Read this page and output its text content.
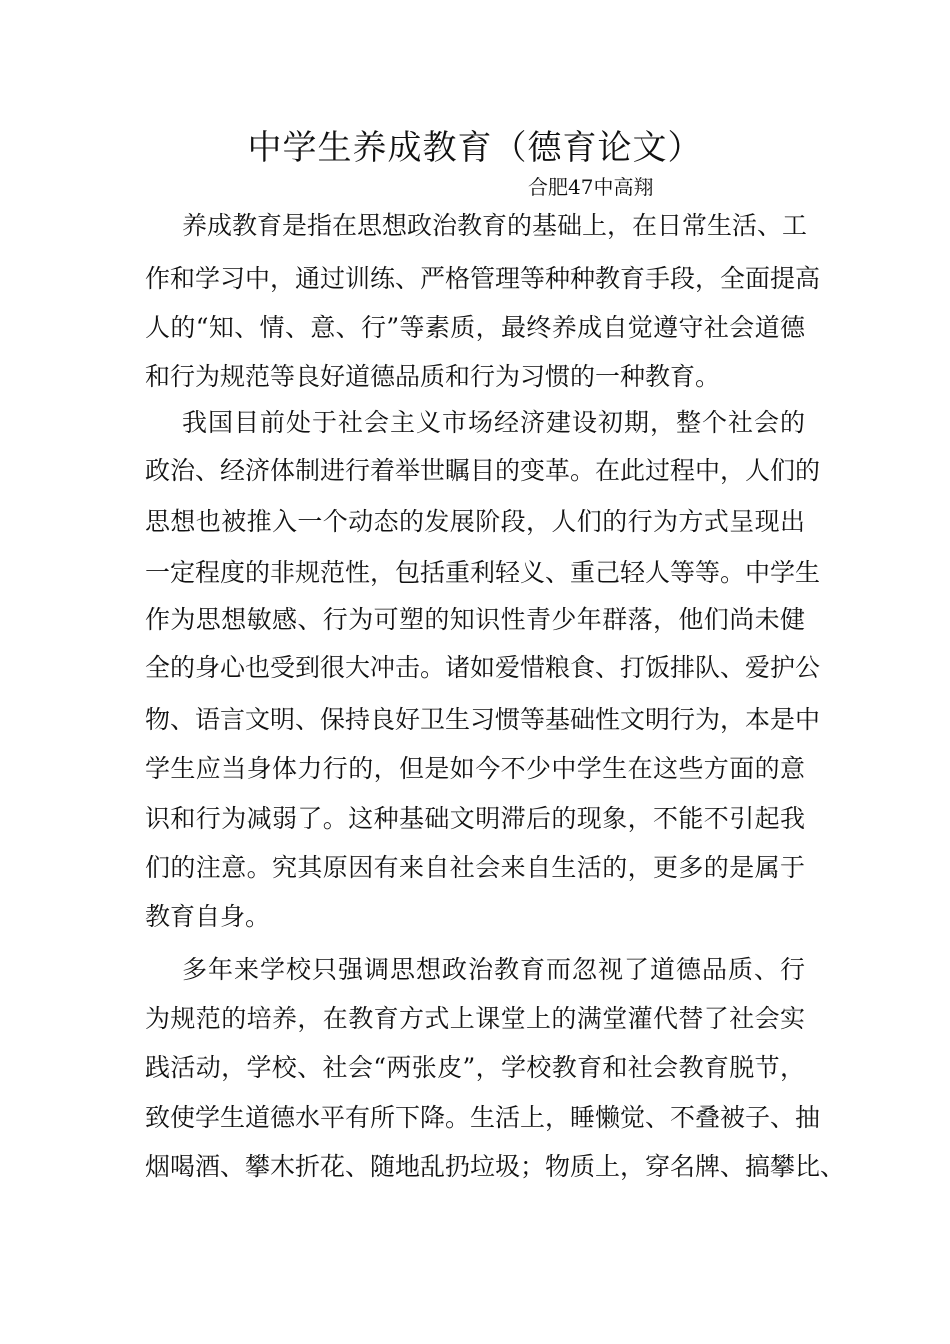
中学生养成教育（德育论文）
合肥47中高翔
养成教育是指在思想政治教育的基础上，在日常生活、工
作和学习中，通过训练、严格管理等种种教育手段，全面提高
人的“知、情、意、行”等素质，最终养成自觉遵守社会道德
和行为规范等良好道德品质和行为习惯的一种教育。
我国目前处于社会主义市场经济建设初期，整个社会的
政治、经济体制进行着举世瞩目的变革。在此过程中，人们的
思想也被推入一个动态的发展阶段，人们的行为方式呈现出
一定程度的非规范性，包括重利轻义、重己轻人等等。中学生
作为思想敏感、行为可塑的知识性青少年群落，他们尚未健
全的身心也受到很大冲击。诸如爱惜粮食、打饭排队、爱护公
物、语言文明、保持良好卫生习惯等基础性文明行为，本是中
学生应当身体力行的，但是如今不少中学生在这些方面的意
识和行为减弱了。这种基础文明滞后的现象，不能不引起我
们的注意。究其原因有来自社会来自生活的，更多的是属于
教育自身。
多年来学校只强调思想政治教育而忽视了道德品质、行
为规范的培养，在教育方式上课堂上的满堂灌代替了社会实
践活动，学校、社会“两张皮”，学校教育和社会教育脱节，
致使学生道德水平有所下降。生活上，睡懒觉、不叠被子、抽
烟喝酒、攀木折花、随地乱扔垃圾；物质上，穿名牌、搞攀比、
